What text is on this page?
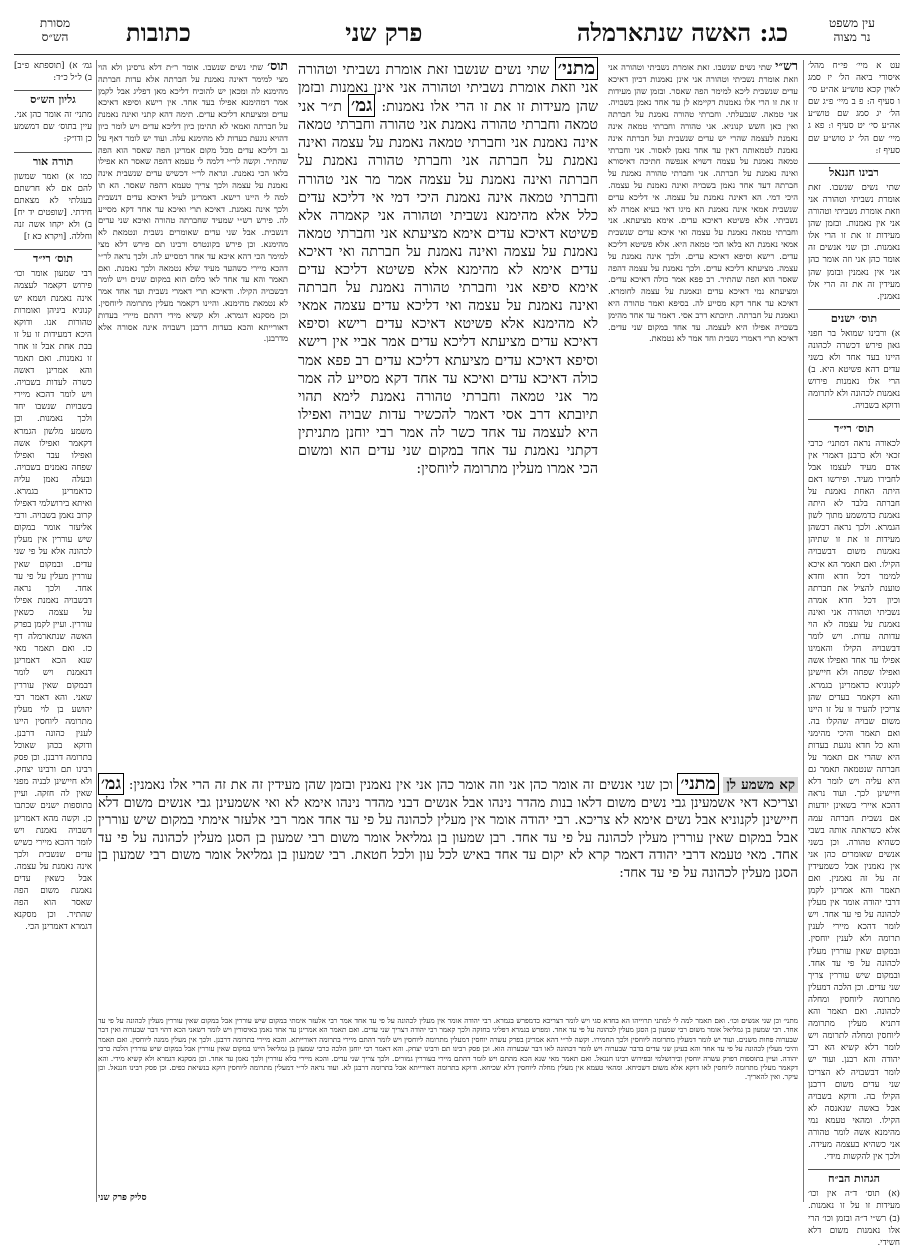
עין משפט
נר מצוה
כג: האשה שנתארמלה
פרק שני
כתובות
מסורת
הש״ס
עט א מיי׳ פי״ח מהל׳ איסורי ביאה הל׳ יז סמג לאוין קכא טוש״ע אה״ע סי׳ ו סעיף ה: פ ב מיי׳ פ״ג שם הל׳ יג סמג שם טוש״ע אה״ע סי׳ יט סעיף ו: פא ג מיי׳ שם הל׳ יג טוש״ע שם סעיף ז:
רבינו חננאל
שתי נשים שנשבו. זאת אומרת נשביתי וטהורה אני וזאת אומרת נשביתי וטהורה אני אין נאמנות. ובזמן שהן מעידות זו את זו הרי אלו נאמנות. וכן שני אנשים זה אומר כהן אני וזה אומר כהן אני אין נאמנין ובזמן שהן מעידין זה את זה הרי אלו נאמנין.
תוס׳ ישנים
א) ורבינו שמואל בר חפני גאון פירש דכשרה לכהונה היינו בעד אחד ולא בשני עדים דהא פשיטא היא. ב) הרי אלו נאמנות פירוש נאמנות לכהונה ולא לתרומה ודוקא בשבויה.
תוס׳ רי״ד
לכאורה נראה דמתני׳ כרבי זכאי ולא כרבנן דאמרי אין אדם מעיד לעצמו אבל לחבירו מעיד. ופירשו דאם היתה האחת נאמנת על חברתה בלבד לא היתה נאמנת כדמשמע מתוך לשון הגמרא. ולכך נראה דכשהן מעידות זו את זו שתיהן נאמנות משום דבשבויה הקילו. ואם תאמר הא איכא למימר דכל חדא וחדא טוענת להציל את חברתה וכיון דכל חדא אמרה נשביתי וטהורה אני ואינה נאמנת על עצמה לא הוי עדותה עדות. ויש לומר דבשבויה הקילו והאמינו אפילו עד אחד ואפילו אשה ואפילו שפחה ולא חיישינן לקנוניא כדאמרינן בגמרא. והא דקאמר בעדים שהן צריכין להעיד זו על זו היינו משום שבויה שהקלו בה. ואם תאמר והיכי מהימני והא כל חדא נוגעת בעדות היא שהרי אם תאמר על חברתה שנטמאה תאמר גם היא עליה ויש לומר דלא חיישינן לכך. ועוד נראה דהכא איירי בשאינן יודעות אם נשבית חברתה עמה אלא כשראתה אותה בשבי כשהיא טהורה. וכן בשני אנשים שאומרים כהן אני אין נאמנין אבל כשמעידין זה על זה נאמנין. ואם תאמר והא אמרינן לקמן דרבי יהודה אומר אין מעלין לכהונה על פי עד אחד. ויש לומר דהכא מיירי לענין תרומה ולא לענין יוחסין. ובמקום שאין עוררין מעלין לכהונה על פי עד אחד. ובמקום שיש עוררין צריך שני עדים. וכן הלכה דמעלין מתרומה ליוחסין ומחלה לכהונה. ואם תאמר והא דתניא מעלין מתרומה ליוחסין ומחלה לתרומה ויש לומר דלא קשיא הא רבי יהודה והא רבנן. ועוד יש לומר דבשבויה לא הצריכו שני עדים משום דרבנן הקילו בה. ודוקא בשבויה אבל באשה שנאנסה לא הקילו. ומהאי טעמא נמי מהימנא אשה לומר טהורה אני כשהיא בעצמה מעידה. ולכך אין להקשות מידי.
הגהות הב״ח
(א) תוס׳ ד״ה אין וכו׳ מעידות זו על זו נאמנות. (ב) רש״י ד״ה ובזמן וכו׳ הרי אלו נאמנות משום דלא חשידי.
גמ׳ א) [תוספתא פ״ב] ב) ל״ל כ״ד:
גליון הש״ס
מתני׳ זה אומר כהן אני. עיין בתוס׳ שם דמשמע כן ודו״ק:
תורה אור
כמו א) ואמר שמשון להם אם לא חרשתם בעגלתי לא מצאתם חידתי. [שופטים יד יח] ב) ולא יקחו אשה זנה וחללה. [ויקרא כא ז]
תוס׳ רי״ד
רבי שמעון אומר וכו׳ פירוש דקאמר לעצמה אינה נאמנת ושמא יש קנוניא ביניהן ואומרות טהורות אנו. ודוקא היכא דמעידות זו על זו בבת אחת אבל זו אחר זו נאמנות. ואם תאמר והא אמרינן דאשה כשרה לעדות בשבויה. ויש לומר דהכא מיירי בשבויות שנשבו יחד ולכך נאמנות. וכן משמע מלשון הגמרא דקאמר ואפילו אשה ואפילו עבד ואפילו שפחה נאמנים בשבויה. ובעלה נאמן עליה כדאמרינן בגמרא. ואיתא בירושלמי דאפילו קרוב נאמן בשבויה. ורבי אליעזר אומר במקום שיש עוררין אין מעלין לכהונה אלא על פי שני עדים. ובמקום שאין עוררין מעלין על פי עד אחד. ולכך נראה דבשבויה נאמנת אפילו על עצמה כשאין עוררין. ועיין לקמן בפרק האשה שנתארמלה דף כז. ואם תאמר מאי שנא הכא דאמרינן דנאמנת ויש לומר דבמקום שאין עוררין שאני. והא דאמר רבי יהושע בן לוי מעלין מתרומה ליוחסין היינו לענין כהונה דרבנן. ודוקא בכהן שאוכל בתרומה דרבנן. וכן פסק רבינו תם ורבינו יצחק. ולא חיישינן לבניה מפני שאין לה חזקה. ועיין בתוספות ישנים שכתבו כן. וקשה מהא דאמרינן דשבויה נאמנת ויש לומר דהכא מיירי כשיש עדים שנשבית ולכך אינה נאמנת על עצמה. אבל כשאין עדים נאמנת משום הפה שאסר הוא הפה שהתיר. וכן מסקנא דגמרא דאמרינן הכי.
רש״י שתי נשים שנשבו. זאת אומרת נשביתי וטהורה אני וזאת אומרת נשביתי וטהורה אני אינן נאמנות דכיון דאיכא עדים שנשבית ליכא למימר הפה שאסר. ובזמן שהן מעידות זו את זו הרי אלו נאמנות דקיימא לן עד אחד נאמן בשבויה. אני טמאה. שנבעלתי. וחברתי טהורה נאמנת על חברתה ואין כאן חשש קנוניא. אני טהורה וחברתי טמאה אינה נאמנת לעצמה שהרי יש עדים שנשבית ועל חברתה אינה נאמנת לטמאותה דאין עד אחד נאמן לאסור. אני וחברתי טמאה נאמנת על עצמה דשויא אנפשה חתיכה דאיסורא ואינה נאמנת על חברתה. אני וחברתי טהורה נאמנת על חברתה דעד אחד נאמן בשבויה ואינה נאמנת על עצמה. היכי דמי. הא דאינה נאמנת על עצמה. אי דליכא עדים שנשבית אמאי אינה נאמנת הא מיגו דאי בעיא אמרה לא נשביתי. אלא פשיטא דאיכא עדים. אימא מציעתא. אני וחברתי טמאה נאמנת על עצמה ואי איכא עדים שנשבית אמאי נאמנת הא בלאו הכי טמאה היא. אלא פשיטא דליכא עדים. רישא וסיפא דאיכא עדים. ולכך אינה נאמנת על עצמה. מציעתא דליכא עדים. ולכך נאמנת על עצמה דהפה שאסר הוא הפה שהתיר. רב פפא אמר כולה דאיכא עדים. ומציעתא נמי דאיכא עדים ונאמנת על עצמה לחומרא. דאיכא עד אחד דקא מסייע לה. בסיפא ואמר טהורה היא ונאמנת על חברתה. תיובתא דרב אסי. דאמר עד אחד מהימן בשבויה אפילו היא לעצמה. עד אחד במקום שני עדים. דאיכא תרי דאמרי נשבית וחד אמר לא נטמאת.
תוס׳ שתי נשים שנשבו. אומר ר״ת דלא גרסינן ולא הוי מצי למימר דאינה נאמנת על חברתה אלא עדות חברתה מהימנא לה ומכאן יש להוכיח דליכא מאן דפליג אבל לקמן אמר דמהימנא אפילו בעד אחד. אין רישא וסיפא דאיכא עדים ומציעתא דליכא עדים. תימה דהא קתני ואינה נאמנת על חברתה ואמאי לא תהימן כיון דליכא עדים ויש לומר כיון דהויא נוגעת בעדות לא מהימנא עלה. ועוד יש לומר דאף על גב דליכא עדים מכל מקום אמרינן הפה שאסר הוא הפה שהתיר. וקשה לר״י דלמה לי טעמא דהפה שאסר הא אפילו בלאו הכי נאמנת. ונראה לר״י דכשיש עדים שנשבית אינה נאמנת על עצמה ולכך צריך טעמא דהפה שאסר. הא תו למה לי היינו רישא. דאמרינן לעיל דאיכא עדים דנשבית ולכך אינה נאמנת. דאיכא תרי ואיכא עד אחד דקא מסייע לה. פירש רש״י שמעיד שחברתה טהורה ואיכא שני עדים דנשבית. אבל שני עדים שאומרים נשבית ונטמאת לא מהימנא. וכן פירש בקונטרס ורבינו תם פירש דלא מצי למימר הכי דהא איכא עד אחד דמסייע לה. ולכך נראה לר״י דהכא מיירי כשהעד מעיד שלא נטמאה ולכך נאמנת. ואם תאמר והא עד אחד לאו כלום הוא במקום שנים ויש לומר דבשבויה הקילו. ודאיכא תרי דאמרי נשבית ועד אחד אמר לא נטמאת מהימנא. והיינו דקאמר מעלין מתרומה ליוחסין. וכן מסקנא דגמרא. ולא קשיא מידי דהתם מיירי בעדות דאורייתא והכא בעדות דרבנן דשבויה אינה אסורה אלא מדרבנן.
מתני׳ שתי נשים שנשבו זאת אומרת נשביתי וטהורה אני וזאת אומרת נשביתי וטהורה אני אינן נאמנות ובזמן שהן מעידות זו את זו הרי אלו נאמנות: גמ׳ ת״ר אני טמאה וחברתי טהורה נאמנת אני טהורה וחברתי טמאה אינה נאמנת אני וחברתי טמאה נאמנת על עצמה ואינה נאמנת על חברתה אני וחברתי טהורה נאמנת על חברתה ואינה נאמנת על עצמה אמר מר אני טהורה וחברתי טמאה אינה נאמנת היכי דמי אי דליכא עדים כלל אלא מהימנא נשביתי וטהורה אני קאמרה אלא פשיטא דאיכא עדים אימא מציעתא אני וחברתי טמאה נאמנת על עצמה ואינה נאמנת על חברתה ואי דאיכא עדים אימא לא מהימנא אלא פשיטא דליכא עדים אימא סיפא אני וחברתי טהורה נאמנת על חברתה ואינה נאמנת על עצמה ואי דליכא עדים עצמה אמאי לא מהימנא אלא פשיטא דאיכא עדים רישא וסיפא דאיכא עדים מציעתא דליכא עדים אמר אביי אין רישא וסיפא דאיכא עדים מציעתא דליכא עדים רב פפא אמר כולה דאיכא עדים ואיכא עד אחד דקא מסייע לה אמר מר אני טמאה וחברתי טהורה נאמנת לימא תהוי תיובתא דרב אסי דאמר להכשיר עדות שבויה ואפילו היא לעצמה עד אחד כשר לה אמר רבי יוחנן מתניתין דקתני נאמנת עד אחד במקום שני עדים הוא ומשום הכי אמרו מעלין מתרומה ליוחסין:
קא משמע לן מתני׳ וכן שני אנשים זה אומר כהן אני וזה אומר כהן אני אין נאמנין ובזמן שהן מעידין זה את זה הרי אלו נאמנין: גמ׳ וצריכא דאי אשמעינן גבי נשים משום דלאו בנות מהדר נינהו אבל אנשים דבני מהדר נינהו אימא לא ואי אשמעינן גבי אנשים משום דלא חיישינן לקנוניא אבל נשים אימא לא צריכא. רבי יהודה אומר אין מעלין לכהונה על פי עד אחד אמר רבי אלעזר אימתי במקום שיש עוררין אבל במקום שאין עוררין מעלין לכהונה על פי עד אחד. רבן שמעון בן גמליאל אומר משום רבי שמעון בן הסגן מעלין לכהונה על פי עד אחד. מאי טעמא דרבי יהודה דאמר קרא לא יקום עד אחד באיש לכל עון ולכל חטאת. רבי שמעון בן גמליאל אומר משום רבי שמעון בן הסגן מעלין לכהונה על פי עד אחד:
מתני׳ וכן שני אנשים וכו׳. ואם תאמר למה לי למתני תרוייהו הא בחדא סגי ויש לומר דצריכא כדמפרש בגמרא. רבי יהודה אומר אין מעלין לכהונה על פי עד אחד אמר רבי אלעזר אימתי במקום שיש עוררין אבל במקום שאין עוררין מעלין לכהונה על פי עד אחד. רבי שמעון בן גמליאל אומר משום רבי שמעון בן הסגן מעלין לכהונה על פי עד אחד. ומפרש בגמרא דפליגי בחזקה ולכך קאמר רבי יהודה דצריך שני עדים. ואם תאמר הא אמרינן עד אחד נאמן באיסורין ויש לומר דשאני הכא דהוי דבר שבערוה ואין דבר שבערוה פחות משנים. ועוד יש לומר דמעלין מתרומה ליוחסין ולכך החמירו. וקשה לר״י דהא אמרינן בפרק עשרה יוחסין דמעלין מתרומה ליוחסין ויש לומר דהתם מיירי בתרומה דאורייתא. והכא מיירי בתרומה דרבנן. ולכך אין מעלין ממנה ליוחסין. ואם תאמר והיכי מעלין לכהונה על פי עד אחד והא בעינן שני עדים בדבר שבערוה ויש לומר דכהונה לאו דבר שבערוה הוא. וכן פסק רבינו תם ורבינו יצחק. והא דאמר רבי יוחנן הלכה כרבי שמעון בן גמליאל היינו במקום שאין עוררין אבל במקום שיש עוררין הלכה כרבי יהודה. ועיין בתוספות דפרק עשרה יוחסין ובירושלמי ובפירוש רבינו חננאל. ואם תאמר מאי שנא הכא מהתם ויש לומר דהתם מיירי בעוררין גמורים. ולכך צריך שני עדים. והכא מיירי בלא עוררין ולכך נאמן עד אחד. וכן מסקנא דגמרא ולא קשיא מידי. והא דקאמר מעלין מתרומה ליוחסין לאו דוקא אלא משום דשכיחא. ומהאי טעמא אין מעלין מחלה ליוחסין דלא שכיחא. ודוקא בתרומה דאורייתא אבל בתרומה דרבנן לא. ועוד נראה לר״י דמעלין מתרומה ליוחסין דוקא בנשיאת כפים. וכן פסק רבינו חננאל. וכן עיקר. ואין להאריך.
סליק פרק שני
